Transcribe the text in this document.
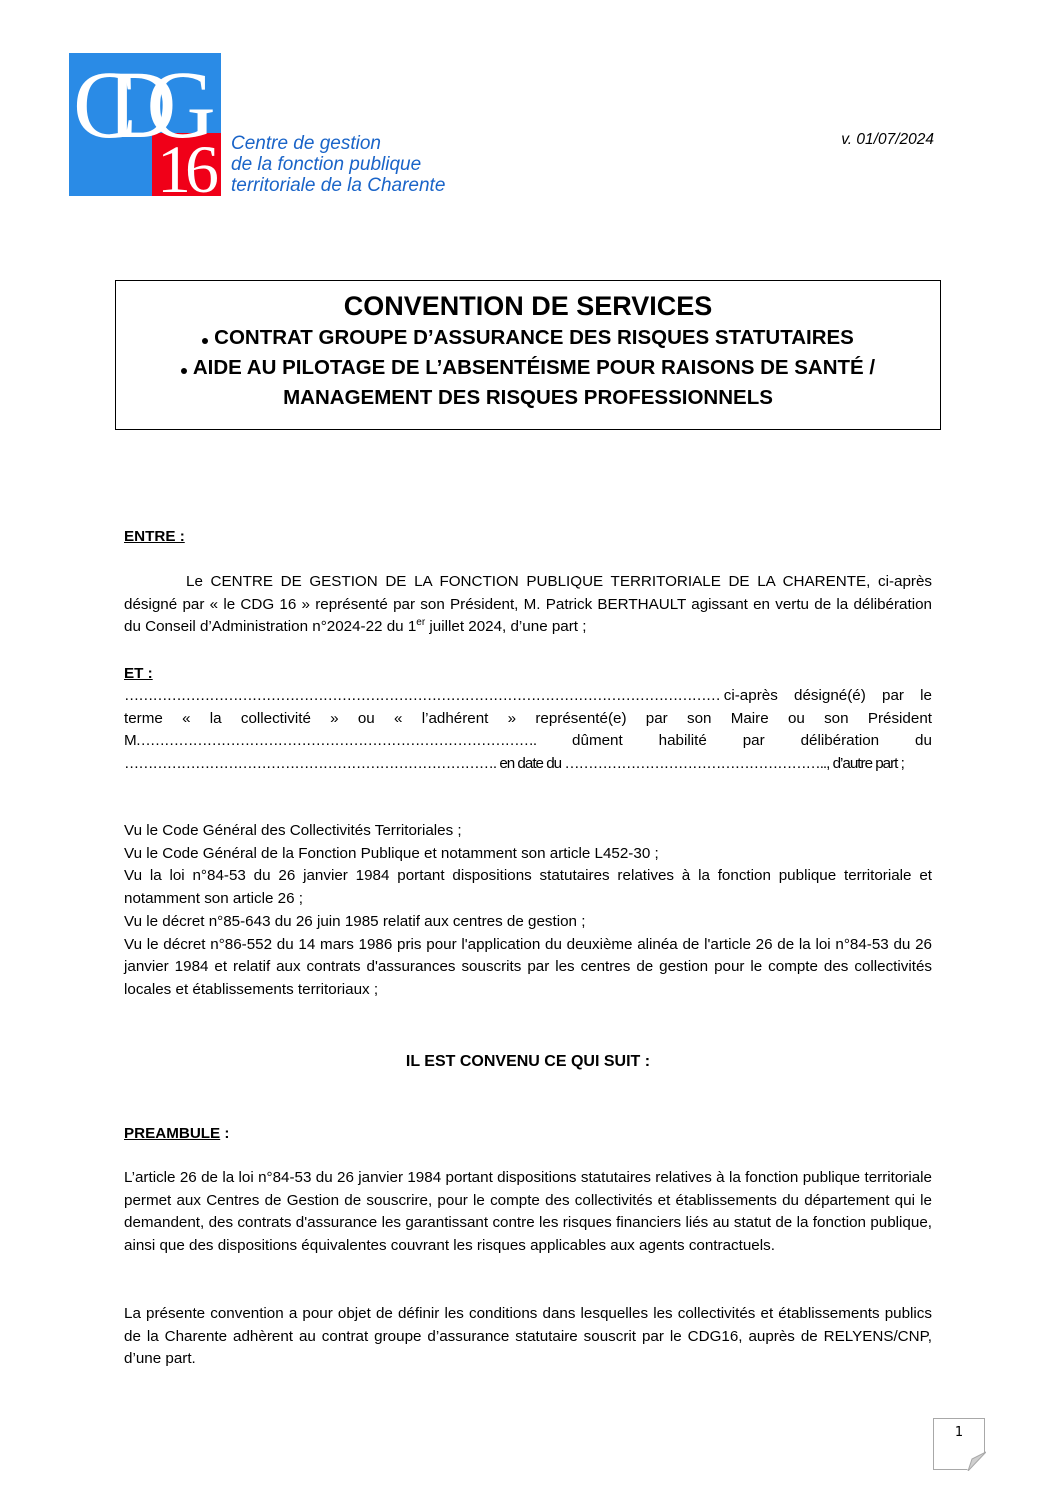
CDG
16 Centre de gestion
de la fonction publique
territoriale de la Charente
v. 01/07/2024
CONVENTION DE SERVICES
CONTRAT GROUPE D’ASSURANCE DES RISQUES STATUTAIRES
AIDE AU PILOTAGE DE L’ABSENTÉISME POUR RAISONS DE SANTÉ /
MANAGEMENT DES RISQUES PROFESSIONNELS
ENTRE :
Le CENTRE DE GESTION DE LA FONCTION PUBLIQUE TERRITORIALE DE LA CHARENTE, ci-après désigné par « le CDG 16 » représenté par son Président, M. Patrick BERTHAULT agissant en vertu de la délibération du Conseil d’Administration n°2024-22 du 1er juillet 2024, d’une part ;
ET :
……………………………………………………………………………………………………………… ci-après désigné(é) par le
terme « la collectivité » ou « l’adhérent » représenté(e) par son Maire ou son Président
M…………………………………………………………………………. dûment habilité par délibération du
……………………………………………………………………. en date du ……………………………………………….., d’autre part ;
Vu le Code Général des Collectivités Territoriales ;
Vu le Code Général de la Fonction Publique et notamment son article L452-30 ;
Vu la loi n°84-53 du 26 janvier 1984 portant dispositions statutaires relatives à la fonction publique territoriale et notamment son article 26 ;
Vu le décret n°85-643 du 26 juin 1985 relatif aux centres de gestion ;
Vu le décret n°86-552 du 14 mars 1986 pris pour l'application du deuxième alinéa de l'article 26 de la loi n°84-53 du 26 janvier 1984 et relatif aux contrats d'assurances souscrits par les centres de gestion pour le compte des collectivités locales et établissements territoriaux ;
IL EST CONVENU CE QUI SUIT :
PREAMBULE :
L’article 26 de la loi n°84-53 du 26 janvier 1984 portant dispositions statutaires relatives à la fonction publique territoriale permet aux Centres de Gestion de souscrire, pour le compte des collectivités et établissements du département qui le demandent, des contrats d'assurance les garantissant contre les risques financiers liés au statut de la fonction publique, ainsi que des dispositions équivalentes couvrant les risques applicables aux agents contractuels.
La présente convention a pour objet de définir les conditions dans lesquelles les collectivités et établissements publics de la Charente adhèrent au contrat groupe d’assurance statutaire souscrit par le CDG16, auprès de RELYENS/CNP, d’une part.
1
